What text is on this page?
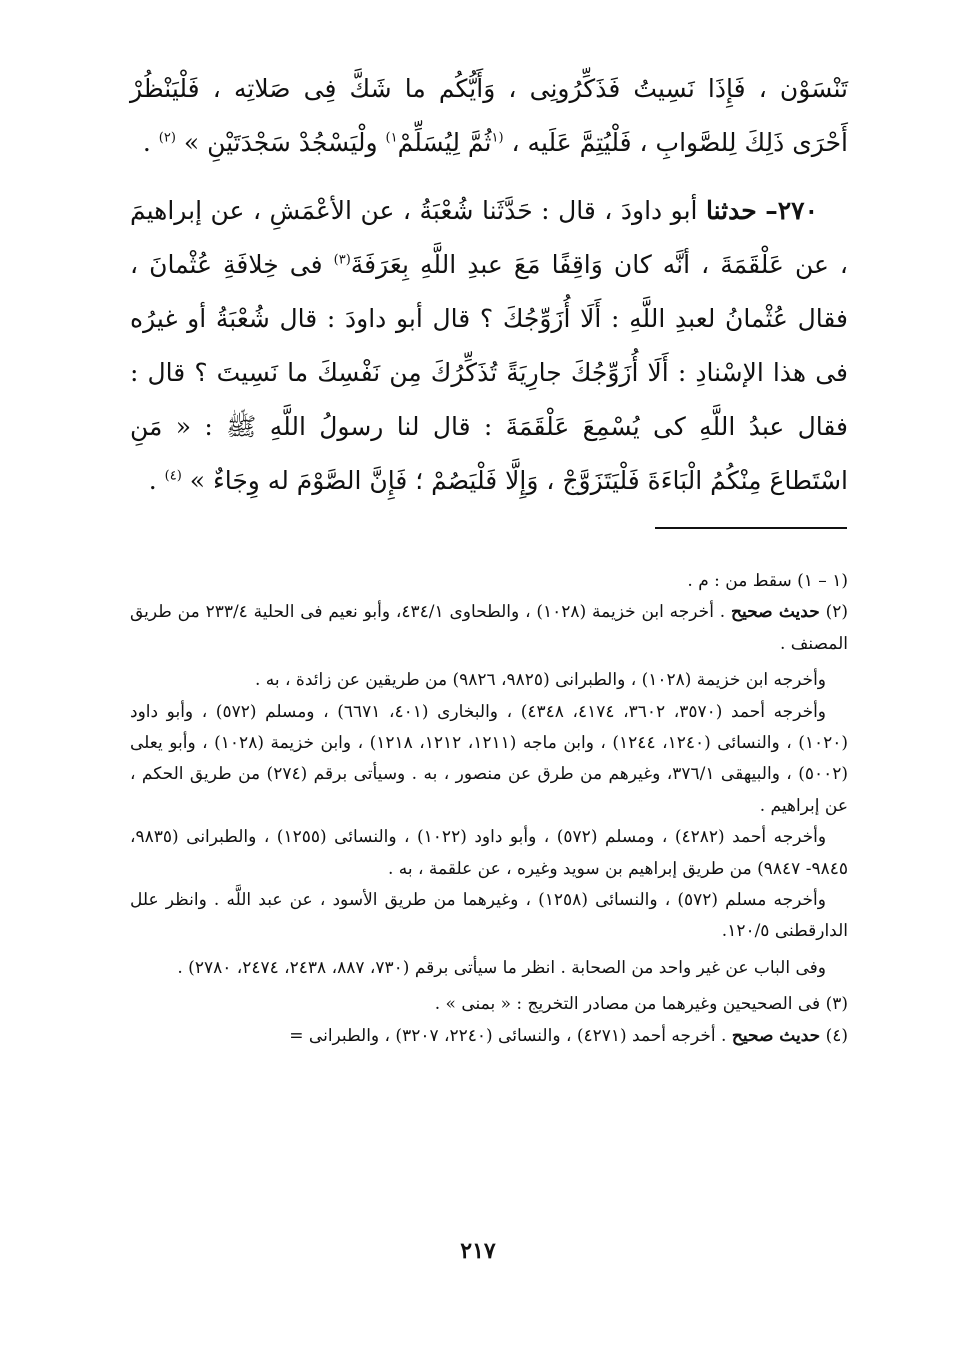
تَنْسَوْن ، فَإِذَا نَسِيتُ فَذَكِّرُونِى ، وَأَيُّكُم ما شَكَّ فِى صَلاتِه ، فَلْيَنْظُرْ أَحْرَى ذَلِكَ لِلصَّوابِ ، فَلْيُتِمَّ عَلَيه ، $^{(١}$ثُمَّ لِيُسَلِّمْ$^{١)}$ ولْيَسْجُدْ سَجْدَتَيْنِ » $^{(٢)}$ .

٢٧٠– حدثنا أبو داودَ ، قال : حَدَّثَنا شُعْبَةُ ، عن الأعْمَشِ ، عن إبراهيمَ ، عن عَلْقَمَةَ ، أنَّه كان وَاقِفًا مَعَ عبدِ اللَّهِ بِعَرَفَةَ$^{(٣)}$ فى خِلافَةِ عُثْمانَ ، فقال عُثْمانُ لعبدِ اللَّهِ : أَلَا أُزَوِّجُكَ ؟ قال أبو داودَ : قال شُعْبَةُ أو غيرُه فى هذا الإسْنادِ : أَلَا أُزَوِّجُكَ جارِيَةً تُذَكِّرُكَ مِن نَفْسِكَ ما نَسِيتَ ؟ قال : فقال عبدُ اللَّهِ كى يُسْمِعَ عَلْقَمَةَ : قال لنا رسولُ اللَّهِ ﷺ : « مَنِ اسْتَطاعَ مِنْكُمُ الْبَاءَةَ فَلْيَتَزَوَّجْ ، وَإِلَّا فَلْيَصُمْ ؛ فَإِنَّ الصَّوْمَ له وِجَاءٌ » $^{(٤)}$ .

(١ – ١) سقط من : م .

(٢) حديث صحيح . أخرجه ابن خزيمة (١٠٢٨) ، والطحاوى ٤٣٤/١، وأبو نعيم فى الحلية ٢٣٣/٤ من طريق المصنف .

وأخرجه ابن خزيمة (١٠٢٨) ، والطبرانى (٩٨٢٥، ٩٨٢٦) من طريقين عن زائدة ، به .

وأخرجه أحمد (٣٥٧٠، ٣٦٠٢، ٤١٧٤، ٤٣٤٨) ، والبخارى (٤٠١، ٦٦٧١) ، ومسلم (٥٧٢) ، وأبو داود (١٠٢٠) ، والنسائى (١٢٤٠، ١٢٤٤) ، وابن ماجه (١٢١١، ١٢١٢، ١٢١٨) ، وابن خزيمة (١٠٢٨) ، وأبو يعلى (٥٠٠٢) ، والبيهقى ٣٧٦/١، وغيرهم من طرق عن منصور ، به . وسيأتى برقم (٢٧٤) من طريق الحكم ، عن إبراهيم .

وأخرجه أحمد (٤٢٨٢) ، ومسلم (٥٧٢) ، وأبو داود (١٠٢٢) ، والنسائى (١٢٥٥) ، والطبرانى (٩٨٣٥، ٩٨٤٥- ٩٨٤٧) من طريق إبراهيم بن سويد وغيره ، عن علقمة ، به .

وأخرجه مسلم (٥٧٢) ، والنسائى (١٢٥٨) ، وغيرهما من طريق الأسود ، عن عبد اللَّه . وانظر علل الدارقطنى ١٢٠/٥.

وفى الباب عن غير واحد من الصحابة . انظر ما سيأتى برقم (٧٣٠، ٨٨٧، ٢٤٣٨، ٢٤٧٤، ٢٧٨٠) .

(٣) فى الصحيحين وغيرهما من مصادر التخريج : « بمنى » .

(٤) حديث صحيح . أخرجه أحمد (٤٢٧١) ، والنسائى (٢٢٤٠، ٣٢٠٧) ، والطبرانى =

٢١٧
